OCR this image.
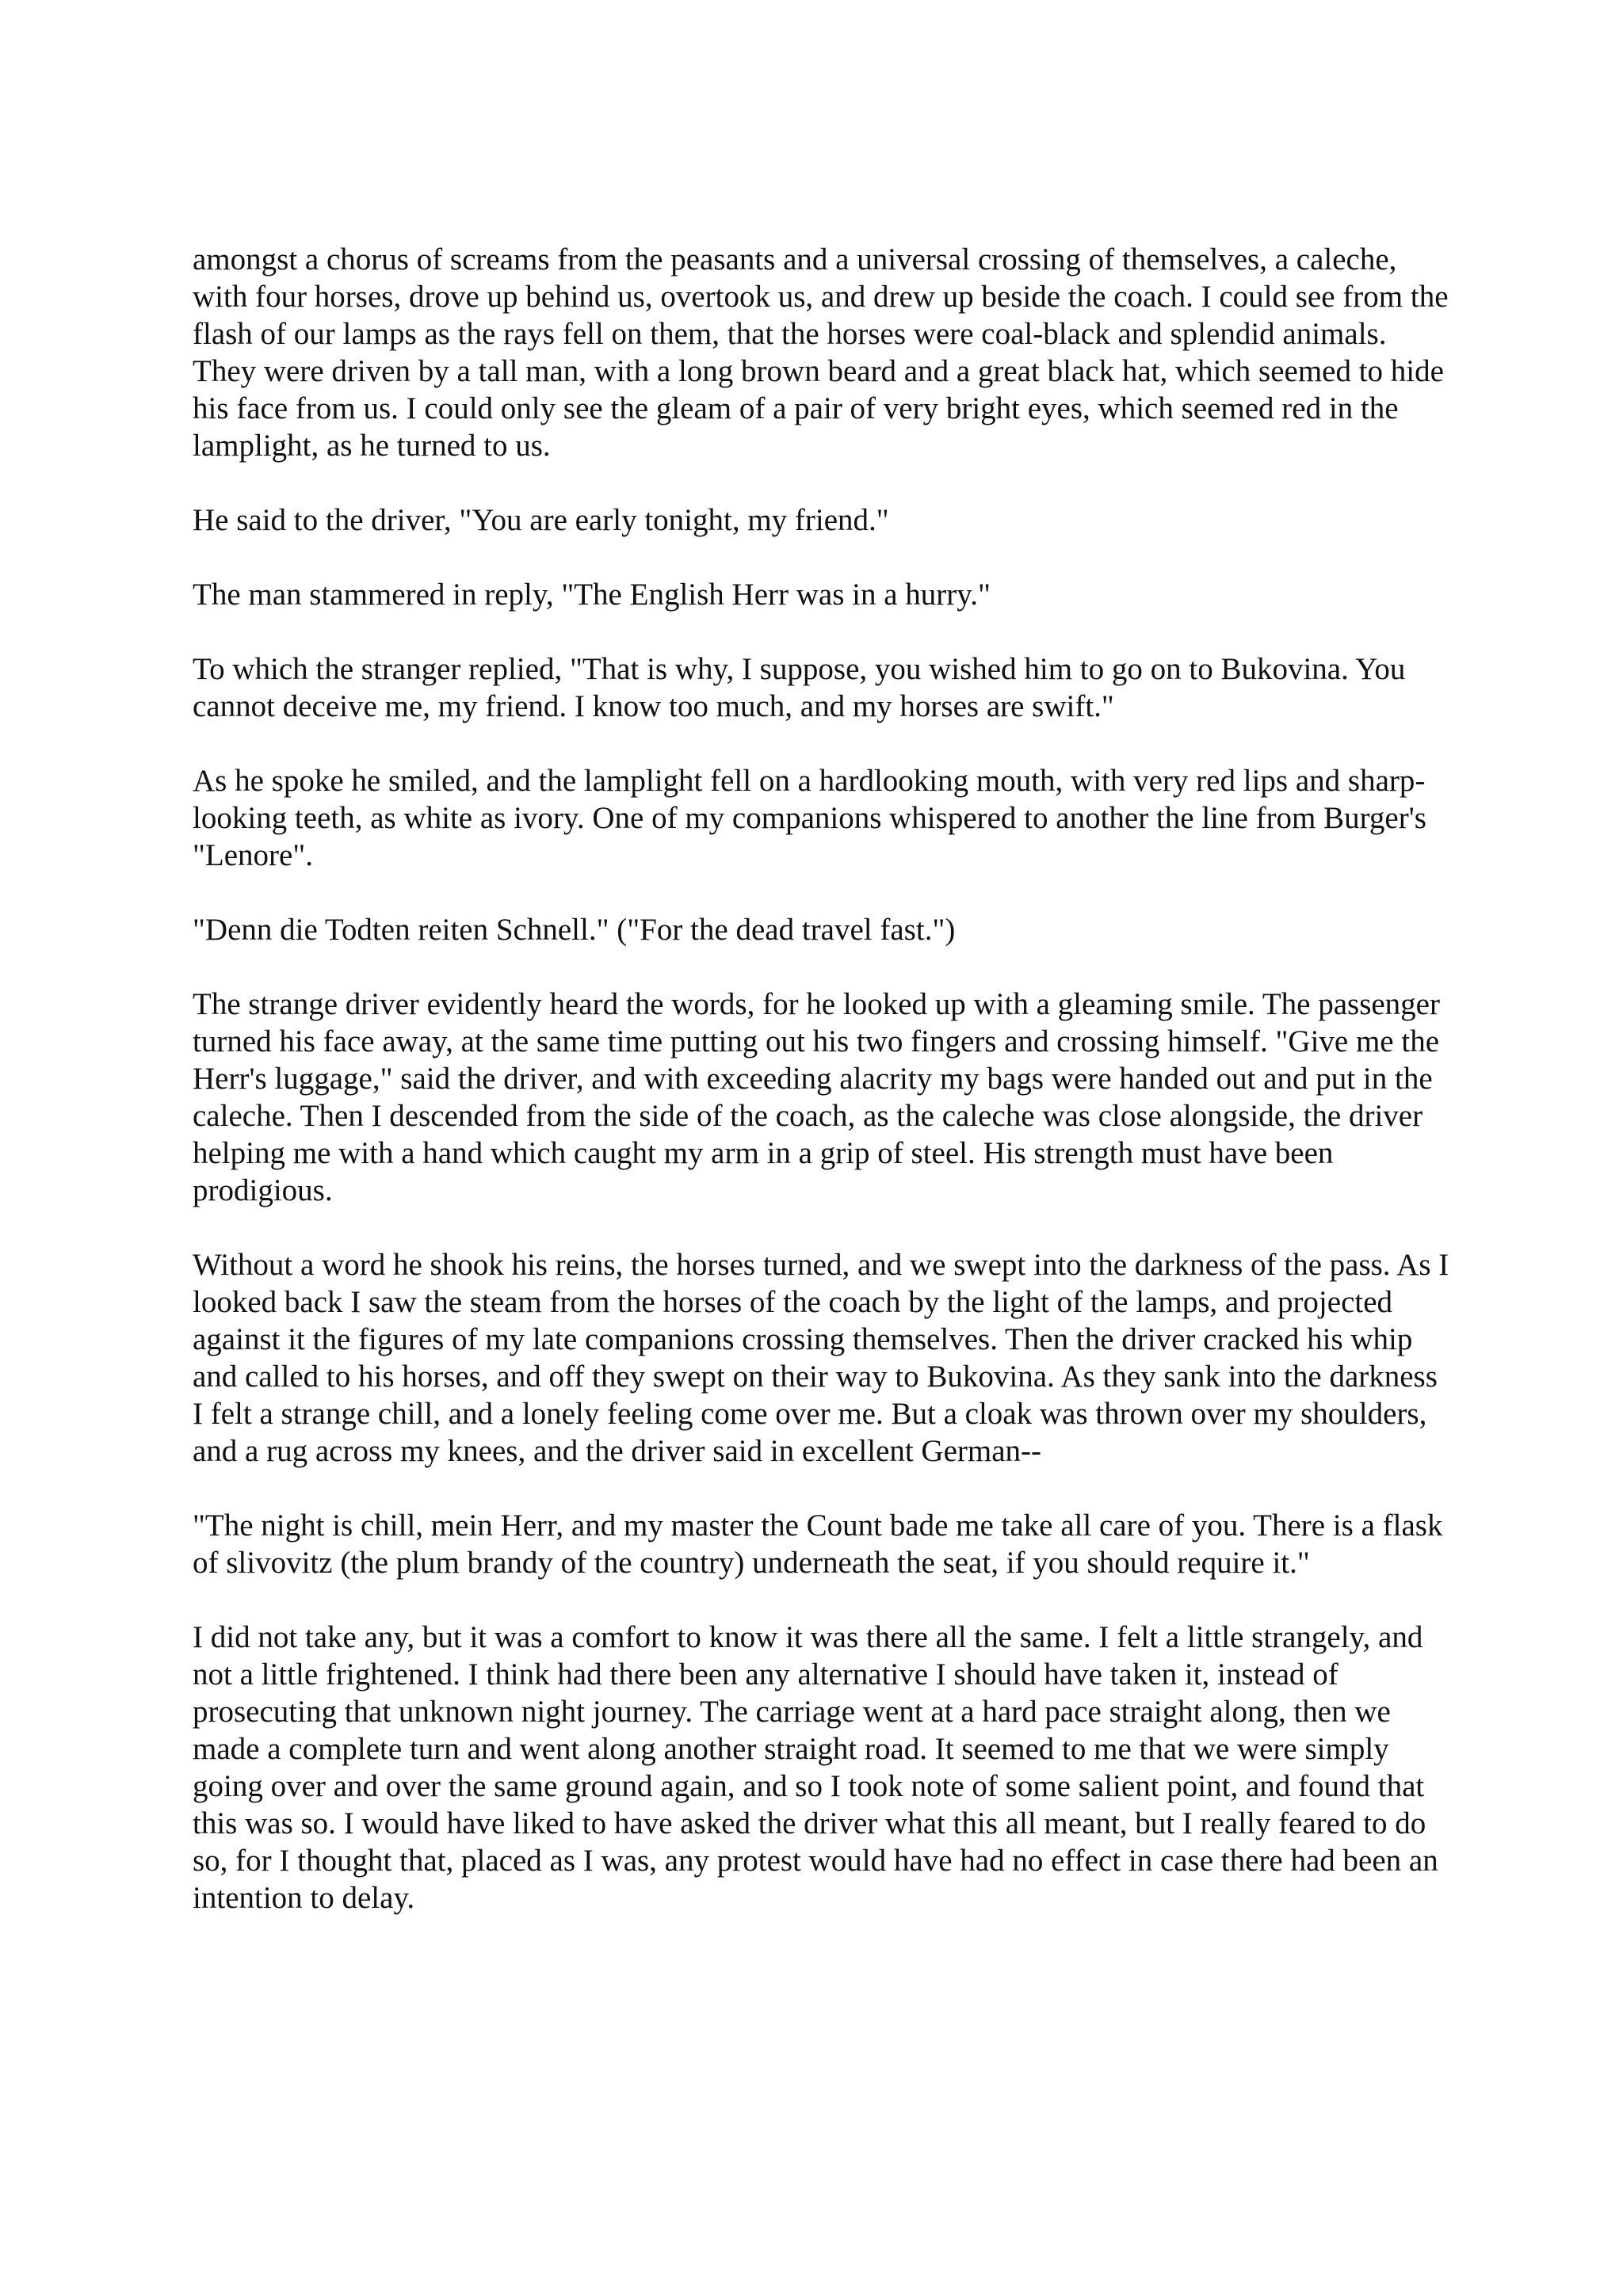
amongst a chorus of screams from the peasants and a universal crossing of themselves, a caleche, with four horses, drove up behind us, overtook us, and drew up beside the coach. I could see from the flash of our lamps as the rays fell on them, that the horses were coal-black and splendid animals. They were driven by a tall man, with a long brown beard and a great black hat, which seemed to hide his face from us. I could only see the gleam of a pair of very bright eyes, which seemed red in the lamplight, as he turned to us.

He said to the driver, "You are early tonight, my friend."

The man stammered in reply, "The English Herr was in a hurry."

To which the stranger replied, "That is why, I suppose, you wished him to go on to Bukovina. You cannot deceive me, my friend. I know too much, and my horses are swift."

As he spoke he smiled, and the lamplight fell on a hardlooking mouth, with very red lips and sharp-looking teeth, as white as ivory. One of my companions whispered to another the line from Burger's "Lenore".

"Denn die Todten reiten Schnell." ("For the dead travel fast.")

The strange driver evidently heard the words, for he looked up with a gleaming smile. The passenger turned his face away, at the same time putting out his two fingers and crossing himself. "Give me the Herr's luggage," said the driver, and with exceeding alacrity my bags were handed out and put in the caleche. Then I descended from the side of the coach, as the caleche was close alongside, the driver helping me with a hand which caught my arm in a grip of steel. His strength must have been prodigious.

Without a word he shook his reins, the horses turned, and we swept into the darkness of the pass. As I looked back I saw the steam from the horses of the coach by the light of the lamps, and projected against it the figures of my late companions crossing themselves. Then the driver cracked his whip and called to his horses, and off they swept on their way to Bukovina. As they sank into the darkness I felt a strange chill, and a lonely feeling come over me. But a cloak was thrown over my shoulders, and a rug across my knees, and the driver said in excellent German--

"The night is chill, mein Herr, and my master the Count bade me take all care of you. There is a flask of slivovitz (the plum brandy of the country) underneath the seat, if you should require it."

I did not take any, but it was a comfort to know it was there all the same. I felt a little strangely, and not a little frightened. I think had there been any alternative I should have taken it, instead of prosecuting that unknown night journey. The carriage went at a hard pace straight along, then we made a complete turn and went along another straight road. It seemed to me that we were simply going over and over the same ground again, and so I took note of some salient point, and found that this was so. I would have liked to have asked the driver what this all meant, but I really feared to do so, for I thought that, placed as I was, any protest would have had no effect in case there had been an intention to delay.
